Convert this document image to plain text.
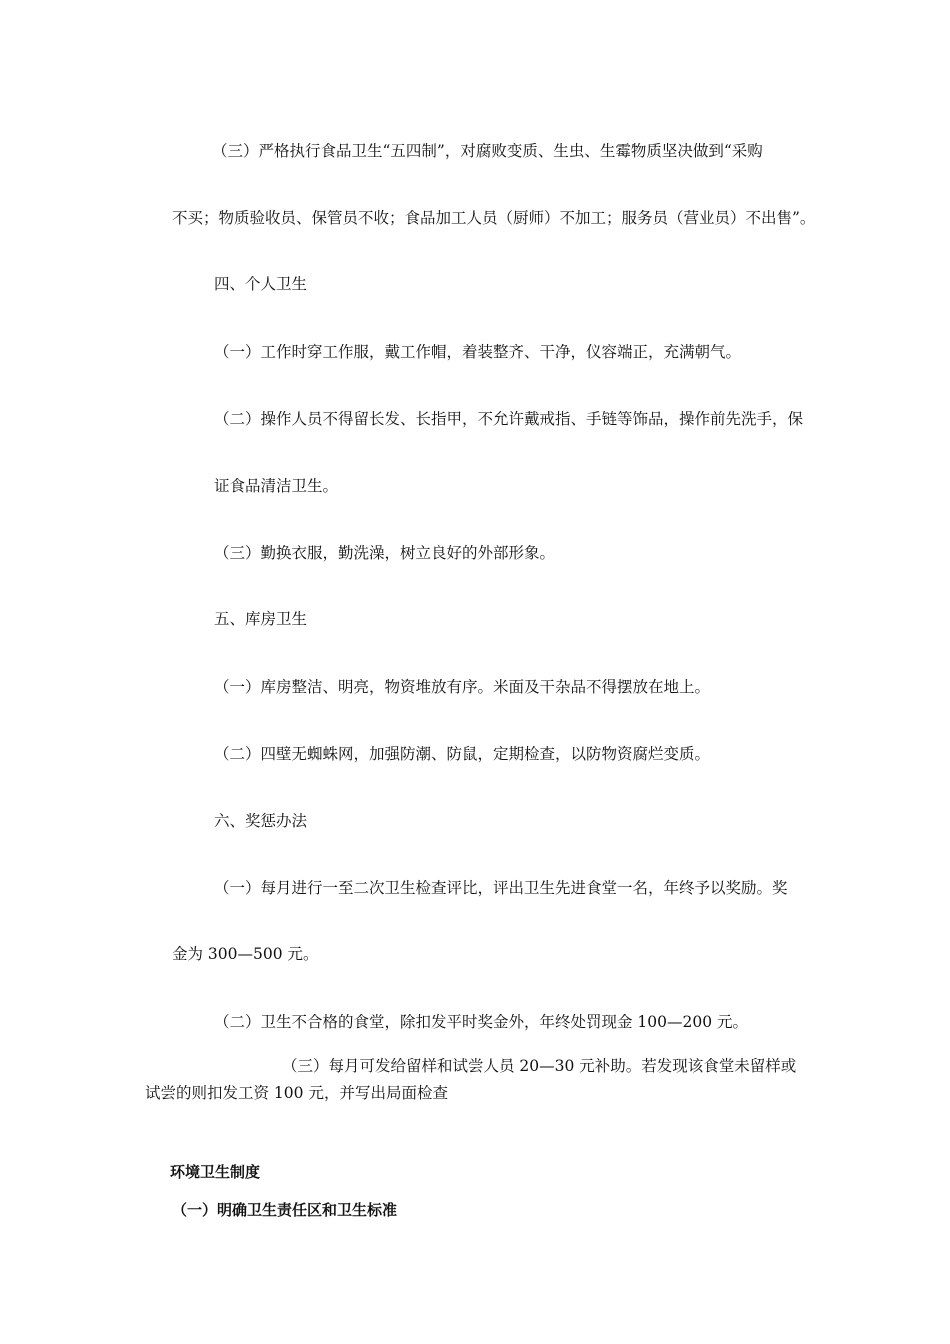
（三）严格执行食品卫生“五四制”，对腐败变质、生虫、生霉物质坚决做到“采购

不买；物质验收员、保管员不收；食品加工人员（厨师）不加工；服务员（营业员）不出售”。

四、个人卫生

（一）工作时穿工作服，戴工作帽，着装整齐、干净，仪容端正，充满朝气。

（二）操作人员不得留长发、长指甲，不允许戴戒指、手链等饰品，操作前先洗手，保

证食品清洁卫生。

（三）勤换衣服，勤洗澡，树立良好的外部形象。

五、库房卫生

（一）库房整洁、明亮，物资堆放有序。米面及干杂品不得摆放在地上。

（二）四壁无蜘蛛网，加强防潮、防鼠，定期检查，以防物资腐烂变质。

六、奖惩办法

（一）每月进行一至二次卫生检查评比，评出卫生先进食堂一名，年终予以奖励。奖

金为 300—500 元。

（二）卫生不合格的食堂，除扣发平时奖金外，年终处罚现金 100—200 元。

（三）每月可发给留样和试尝人员 20—30 元补助。若发现该食堂未留样或

试尝的则扣发工资 100 元，并写出局面检查

环境卫生制度

（一）明确卫生责任区和卫生标准
